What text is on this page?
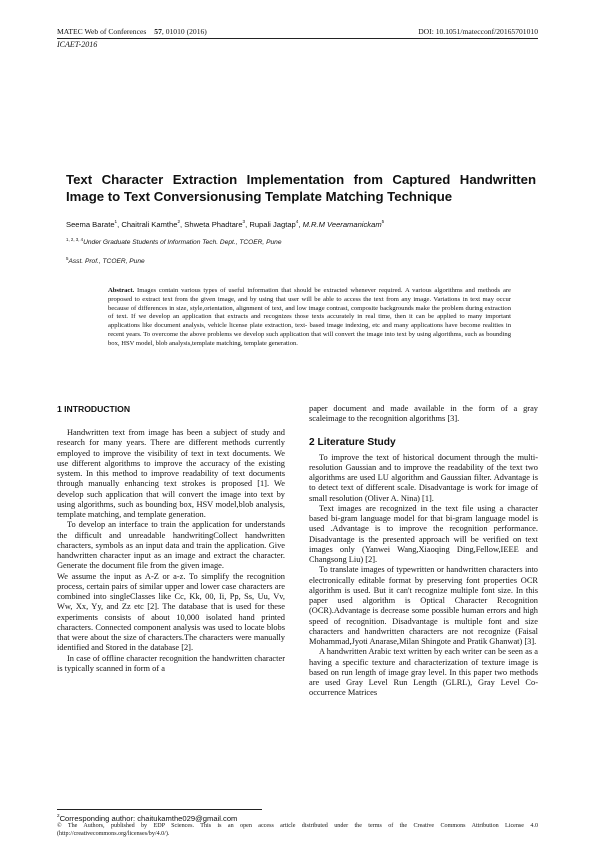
MATEC Web of Conferences 57, 01010 (2016)	DOI: 10.1051/matecconf/20165701010
ICAET-2016
Text Character Extraction Implementation from Captured Handwritten Image to Text Conversionusing Template Matching Technique
Seema Barate$^1$, Chaitrali Kamthe$^2$, Shweta Phadtare$^3$, Rupali Jagtap$^4$, M.R.M Veeramanickam$^5$
$^{1, 2, 3, 4}$Under Graduate Students of Information Tech. Dept., TCOER, Pune
$^5$Asst. Prof., TCOER, Pune

Abstract. Images contain various types of useful information that should be extracted whenever required. A various algorithms and methods are proposed to extract text from the given image, and by using that user will be able to access the text from any image. Variations in text may occur because of differences in size, style,orientation, alignment of text, and low image contrast, composite backgrounds make the problem during extraction of text. If we develop an application that extracts and recognizes those texts accurately in real time, then it can be applied to many important applications like document analysis, vehicle license plate extraction, text- based image indexing, etc and many applications have become realities in recent years. To overcome the above problems we develop such application that will convert the image into text by using algorithms, such as bounding box, HSV model, blob analysis,template matching, template generation.

1 INTRODUCTION

Handwritten text from image has been a subject of study and research for many years. There are different methods currently employed to improve the visibility of text in text documents. We use different algorithms to improve the accuracy of the existing system. In this method to improve readability of text documents through manually enhancing text strokes is proposed [1]. We develop such application that will convert the image into text by using algorithms, such as bounding box, HSV model,blob analysis, template matching, and template generation.

To develop an interface to train the application for understands the difficult and unreadable handwritingCollect handwritten characters, symbols as an input data and train the application. Give handwritten character input as an image and extract the character. Generate the document file from the given image.

We assume the input as A-Z or a-z. To simplify the recognition process, certain pairs of similar upper and lower case characters are combined into singleClasses like Cc, Kk, 00, Ii, Pp, Ss, Uu, Vv, Ww, Xx, Yy, and Zz etc [2]. The database that is used for these experiments consists of about 10,000 isolated hand printed characters. Connected component analysis was used to locate blobs that were about the size of characters.The characters were manually identified and Stored in the database [2].

In case of offline character recognition the handwritten character is typically scanned in form of a

paper document and made available in the form of a gray scaleimage to the recognition algorithms [3].

2 Literature Study

To improve the text of historical document through the multi-resolution Gaussian and to improve the readability of the text two algorithms are used LU algorithm and Gaussian filter. Advantage is to detect text of different scale. Disadvantage is work for image of small resolution (Oliver A. Nina) [1].

Text images are recognized in the text file using a character based bi-gram language model for that bi-gram language model is used .Advantage is to improve the recognition performance. Disadvantage is the presented approach will be verified on text images only (Yanwei Wang,Xiaoqing Ding,Fellow,IEEE and Changsong Liu) [2].

To translate images of typewritten or handwritten characters into electronically editable format by preserving font properties OCR algorithm is used. But it can't recognize multiple font size. In this paper used algorithm is Optical Character Recognition (OCR).Advantage is decrease some possible human errors and high speed of recognition. Disadvantage is multiple font and size characters and handwritten characters are not recognize (Faisal Mohammad,Jyoti Anarase,Milan Shingote and Pratik Ghanwat) [3].

A handwritten Arabic text written by each writer can be seen as a having a specific texture and characterization of texture image is based on run length of image gray level. In this paper two methods are used Gray Level Run Length (GLRL), Gray Level Co-occurrence Matrices

$^2$Corresponding author: chaitukamthe029@gmail.com
© The Authors, published by EDP Sciences. This is an open access article distributed under the terms of the Creative Commons Attribution License 4.0 (http://creativecommons.org/licenses/by/4.0/).
